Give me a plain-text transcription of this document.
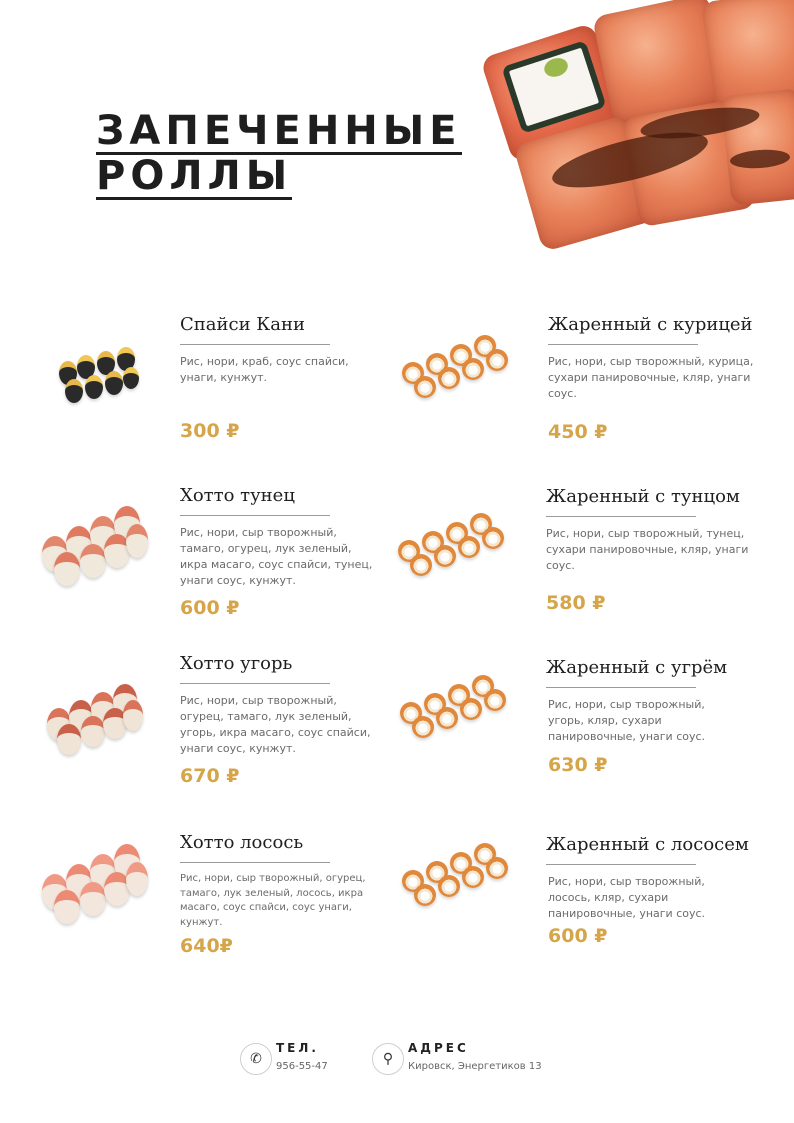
ЗАПЕЧЕННЫЕ
РОЛЛЫ
Спайси Кани
Рис, нори, краб, соус спайси, унаги, кунжут.
300 ₽
Хотто тунец
Рис, нори, сыр творожный, тамаго, огурец, лук зеленый, икра масаго, соус спайси, тунец, унаги соус, кунжут.
600 ₽
Хотто угорь
Рис, нори, сыр творожный, огурец, тамаго, лук зеленый, угорь, икра масаго, соус спайси, унаги соус, кунжут.
670 ₽
Хотто лосось
Рис, нори, сыр творожный, огурец, тамаго, лук зеленый, лосось, икра масаго, соус спайси, соус унаги, кунжут.
640₽
Жаренный с курицей
Рис, нори, сыр творожный, курица, сухари панировочные, кляр, унаги соус.
450 ₽
Жаренный с тунцом
Рис, нори, сыр творожный, тунец, сухари панировочные, кляр, унаги соус.
580 ₽
Жаренный с угрём
Рис, нори, сыр творожный, угорь, кляр, сухари панировочные, унаги соус.
630 ₽
Жаренный с лососем
Рис, нори, сыр творожный, лосось, кляр, сухари панировочные, унаги соус.
600 ₽
✆
ТЕЛ.
956-55-47	⚲
АДРЕС
Кировск, Энергетиков 13
